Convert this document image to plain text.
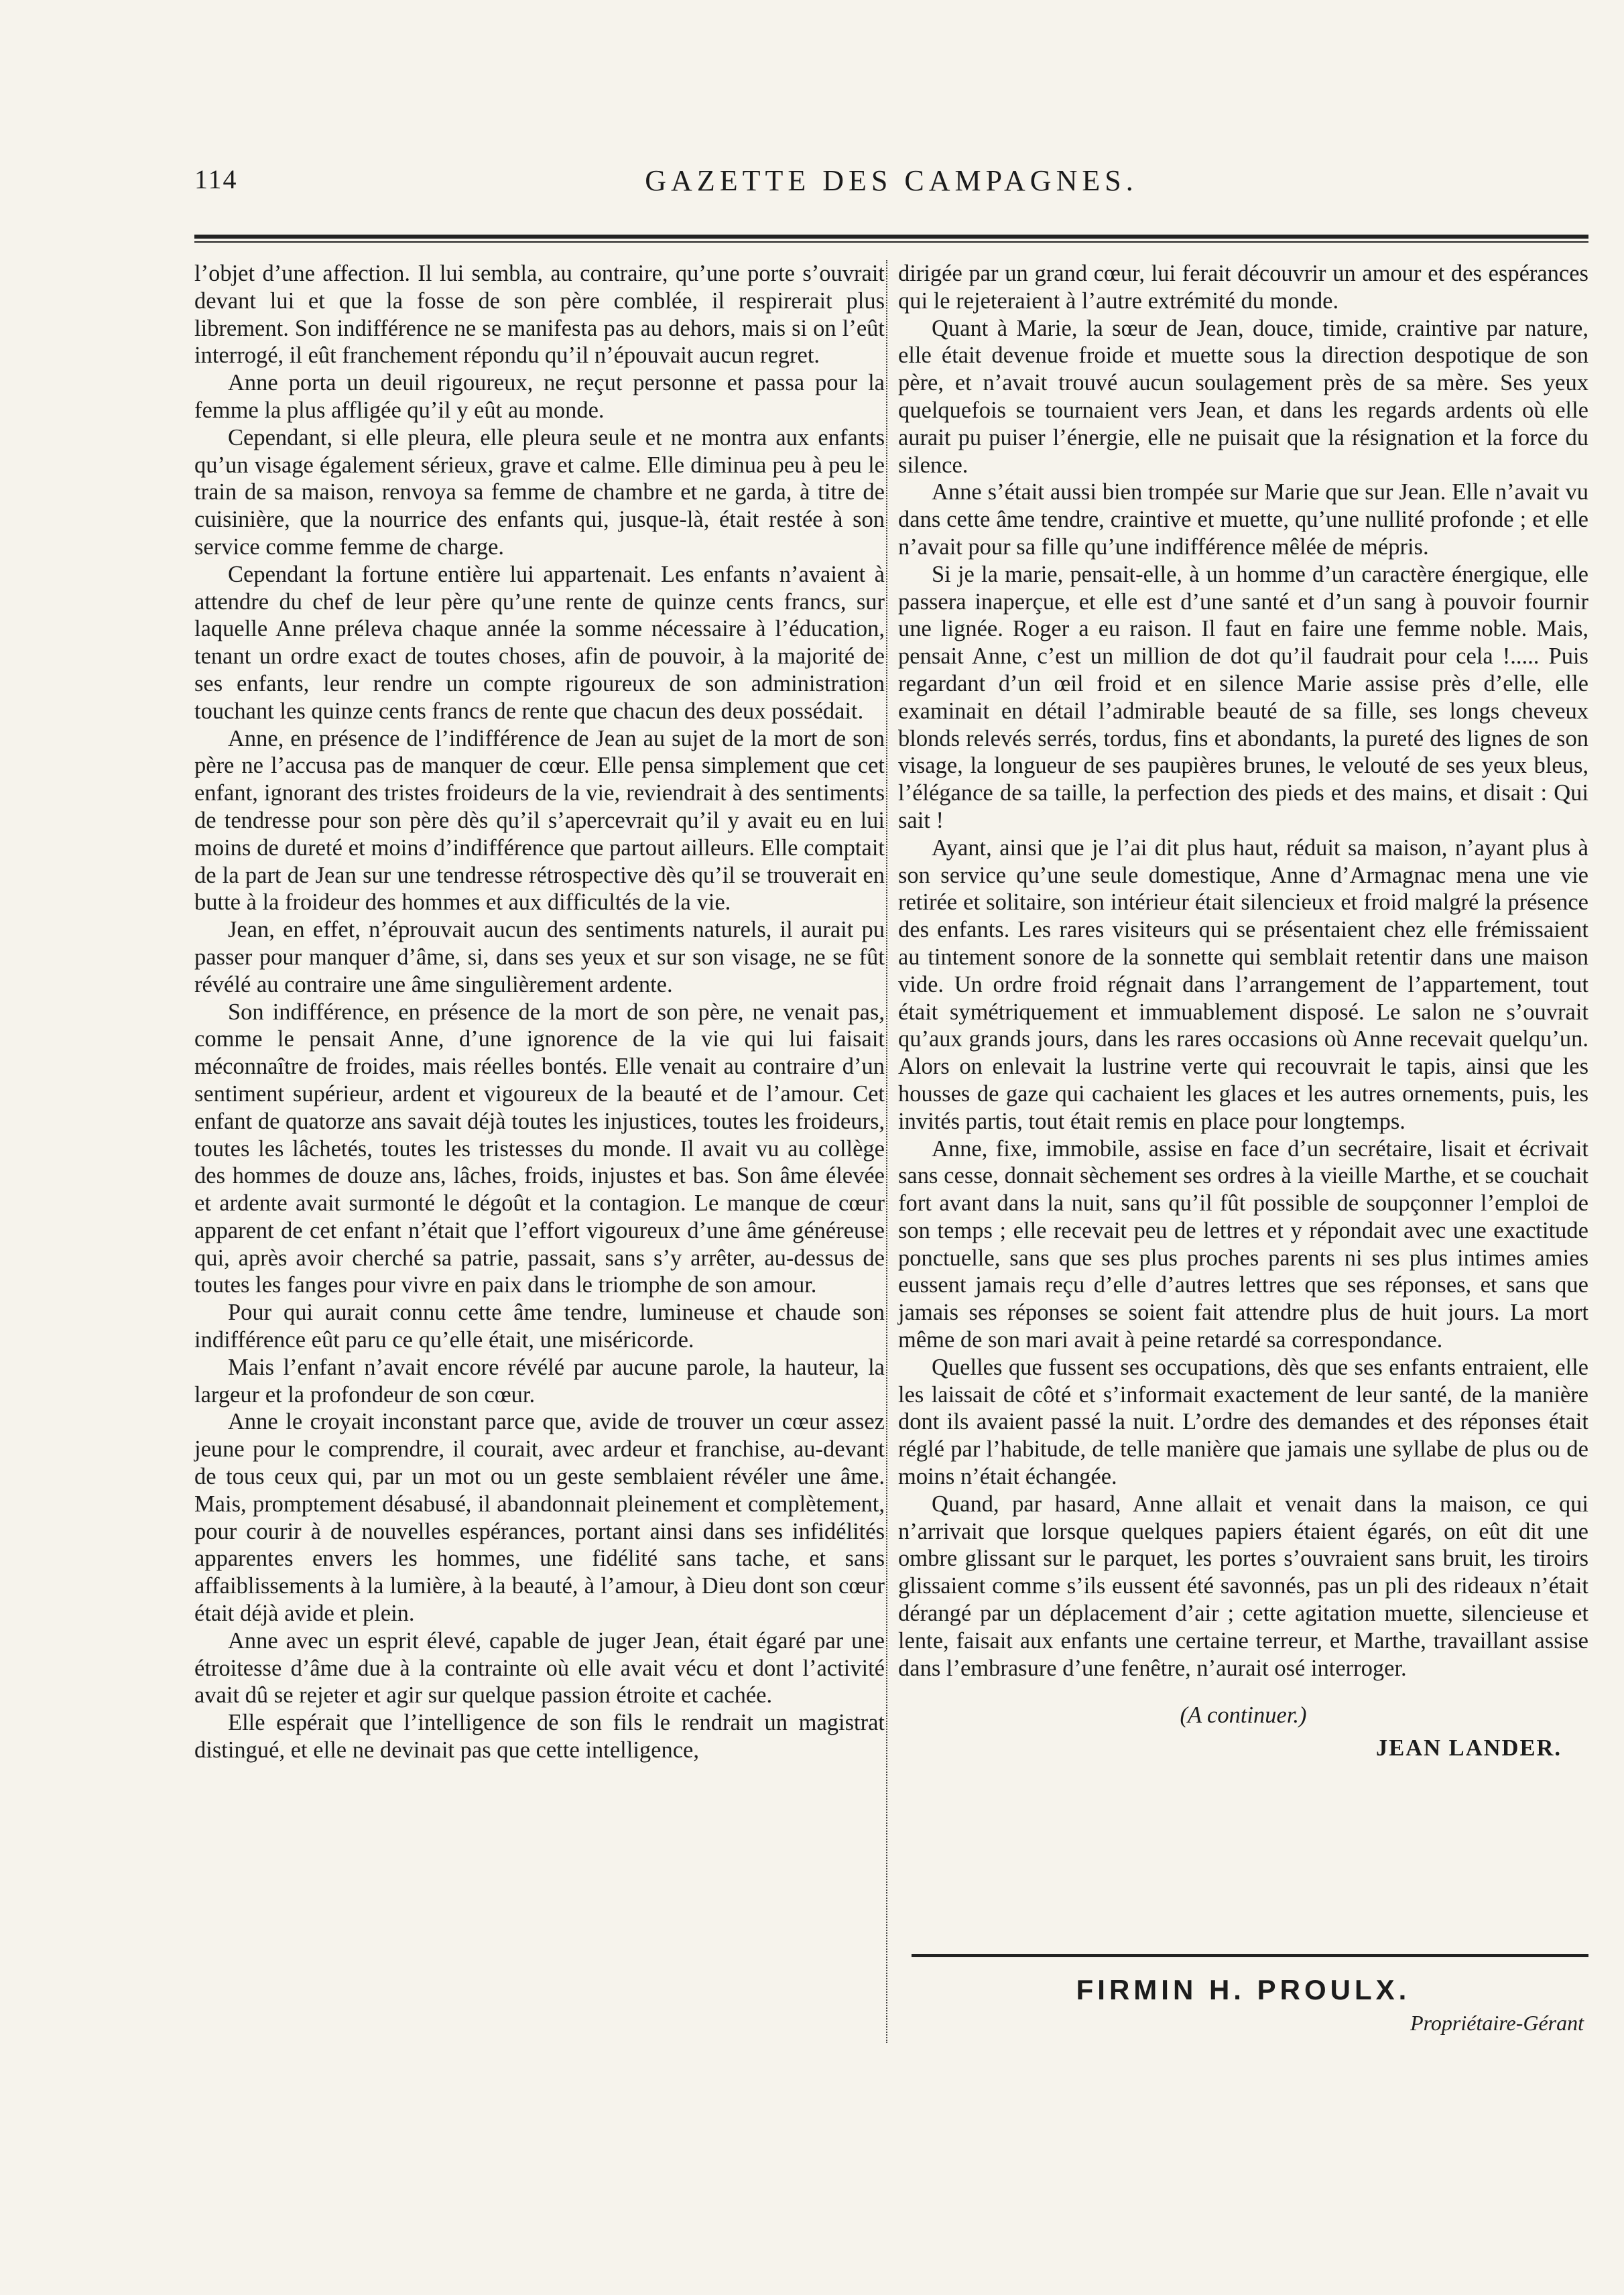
114	GAZETTE DES CAMPAGNES.

l’objet d’une affection. Il lui sembla, au contraire, qu’une porte s’ouvrait devant lui et que la fosse de son père comblée, il respirerait plus librement. Son indifférence ne se manifesta pas au dehors, mais si on l’eût interrogé, il eût franchement répondu qu’il n’épouvait aucun regret.

Anne porta un deuil rigoureux, ne reçut personne et passa pour la femme la plus affligée qu’il y eût au monde.

Cependant, si elle pleura, elle pleura seule et ne montra aux enfants qu’un visage également sérieux, grave et calme. Elle diminua peu à peu le train de sa maison, renvoya sa femme de chambre et ne garda, à titre de cuisinière, que la nourrice des enfants qui, jusque-là, était restée à son service comme femme de charge.

Cependant la fortune entière lui appartenait. Les enfants n’avaient à attendre du chef de leur père qu’une rente de quinze cents francs, sur laquelle Anne prélevа chaque année la somme nécessaire à l’éducation, tenant un ordre exact de toutes choses, afin de pouvoir, à la majorité de ses enfants, leur rendre un compte rigoureux de son administration touchant les quinze cents francs de rente que chacun des deux possédait.

Anne, en présence de l’indifférence de Jean au sujet de la mort de son père ne l’accusa pas de manquer de cœur. Elle pensa simplement que cet enfant, ignorant des tristes froideurs de la vie, reviendrait à des sentiments de tendresse pour son père dès qu’il s’apercevrait qu’il y avait eu en lui moins de dureté et moins d’indifférence que partout ailleurs. Elle comptait de la part de Jean sur une tendresse rétrospective dès qu’il se trouverait en butte à la froideur des hommes et aux difficultés de la vie.

Jean, en effet, n’éprouvait aucun des sentiments naturels, il aurait pu passer pour manquer d’âme, si, dans ses yeux et sur son visage, ne se fût révélé au contraire une âme singulièrement ardente.

Son indifférence, en présence de la mort de son père, ne venait pas, comme le pensait Anne, d’une ignorence de la vie qui lui faisait méconnaître de froides, mais réelles bontés. Elle venait au contraire d’un sentiment supérieur, ardent et vigoureux de la beauté et de l’amour. Cet enfant de quatorze ans savait déjà toutes les injustices, toutes les froideurs, toutes les lâchetés, toutes les tristesses du monde. Il avait vu au collège des hommes de douze ans, lâches, froids, injustes et bas. Son âme élevée et ardente avait surmonté le dégoût et la contagion. Le manque de cœur apparent de cet enfant n’était que l’effort vigoureux d’une âme généreuse qui, après avoir cherché sa patrie, passait, sans s’y arrêter, au-dessus de toutes les fanges pour vivre en paix dans le triomphe de son amour.

Pour qui aurait connu cette âme tendre, lumineuse et chaude son indifférence eût paru ce qu’elle était, une miséricorde.

Mais l’enfant n’avait encore révélé par aucune parole, la hauteur, la largeur et la profondeur de son cœur.

Anne le croyait inconstant parce que, avide de trouver un cœur assez jeune pour le comprendre, il courait, avec ardeur et franchise, au-devant de tous ceux qui, par un mot ou un geste semblaient révéler une âme. Mais, promptement désabusé, il abandonnait pleinement et complètement, pour courir à de nouvelles espérances, portant ainsi dans ses infidélités apparentes envers les hommes, une fidélité sans tache, et sans affaiblissements à la lumière, à la beauté, à l’amour, à Dieu dont son cœur était déjà avide et plein.

Anne avec un esprit élevé, capable de juger Jean, était égaré par une étroitesse d’âme due à la contrainte où elle avait vécu et dont l’activité avait dû se rejeter et agir sur quelque passion étroite et cachée.

Elle espérait que l’intelligence de son fils le rendrait un magistrat distingué, et elle ne devinait pas que cette intelligence,

dirigée par un grand cœur, lui ferait découvrir un amour et des espérances qui le rejeteraient à l’autre extrémité du monde.

Quant à Marie, la sœur de Jean, douce, timide, craintive par nature, elle était devenue froide et muette sous la direction despotique de son père, et n’avait trouvé aucun soulagement près de sa mère. Ses yeux quelquefois se tournaient vers Jean, et dans les regards ardents où elle aurait pu puiser l’énergie, elle ne puisait que la résignation et la force du silence.

Anne s’était aussi bien trompée sur Marie que sur Jean. Elle n’avait vu dans cette âme tendre, craintive et muette, qu’une nullité profonde ; et elle n’avait pour sa fille qu’une indifférence mêlée de mépris.

Si je la marie, pensait-elle, à un homme d’un caractère énergique, elle passera inaperçue, et elle est d’une santé et d’un sang à pouvoir fournir une lignée. Roger a eu raison. Il faut en faire une femme noble. Mais, pensait Anne, c’est un million de dot qu’il faudrait pour cela !..... Puis regardant d’un œil froid et en silence Marie assise près d’elle, elle examinait en détail l’admirable beauté de sa fille, ses longs cheveux blonds relevés serrés, tordus, fins et abondants, la pureté des lignes de son visage, la longueur de ses paupières brunes, le velouté de ses yeux bleus, l’élégance de sa taille, la perfection des pieds et des mains, et disait : Qui sait !

Ayant, ainsi que je l’ai dit plus haut, réduit sa maison, n’ayant plus à son service qu’une seule domestique, Anne d’Armagnac mena une vie retirée et solitaire, son intérieur était silencieux et froid malgré la présence des enfants. Les rares visiteurs qui se présentaient chez elle frémissaient au tintement sonore de la sonnette qui semblait retentir dans une maison vide. Un ordre froid régnait dans l’arrangement de l’appartement, tout était symétriquement et immuablement disposé. Le salon ne s’ouvrait qu’aux grands jours, dans les rares occasions où Anne recevait quelqu’un. Alors on enlevait la lustrine verte qui recouvrait le tapis, ainsi que les housses de gaze qui cachaient les glaces et les autres ornements, puis, les invités partis, tout était remis en place pour longtemps.

Anne, fixe, immobile, assise en face d’un secrétaire, lisait et écrivait sans cesse, donnait sèchement ses ordres à la vieille Marthe, et se couchait fort avant dans la nuit, sans qu’il fût possible de soupçonner l’emploi de son temps ; elle recevait peu de lettres et y répondait avec une exactitude ponctuelle, sans que ses plus proches parents ni ses plus intimes amies eussent jamais reçu d’elle d’autres lettres que ses réponses, et sans que jamais ses réponses se soient fait attendre plus de huit jours. La mort même de son mari avait à peine retardé sa correspondance.

Quelles que fussent ses occupations, dès que ses enfants entraient, elle les laissait de côté et s’informait exactement de leur santé, de la manière dont ils avaient passé la nuit. L’ordre des demandes et des réponses était réglé par l’habitude, de telle manière que jamais une syllabe de plus ou de moins n’était échangée.

Quand, par hasard, Anne allait et venait dans la maison, ce qui n’arrivait que lorsque quelques papiers étaient égarés, on eût dit une ombre glissant sur le parquet, les portes s’ouvraient sans bruit, les tiroirs glissaient comme s’ils eussent été savonnés, pas un pli des rideaux n’était dérangé par un déplacement d’air ; cette agitation muette, silencieuse et lente, faisait aux enfants une certaine terreur, et Marthe, travaillant assise dans l’embrasure d’une fenêtre, n’aurait osé interroger.

(A continuer.)
JEAN LANDER.
FIRMIN H. PROULX.
Propriétaire-Gérant
